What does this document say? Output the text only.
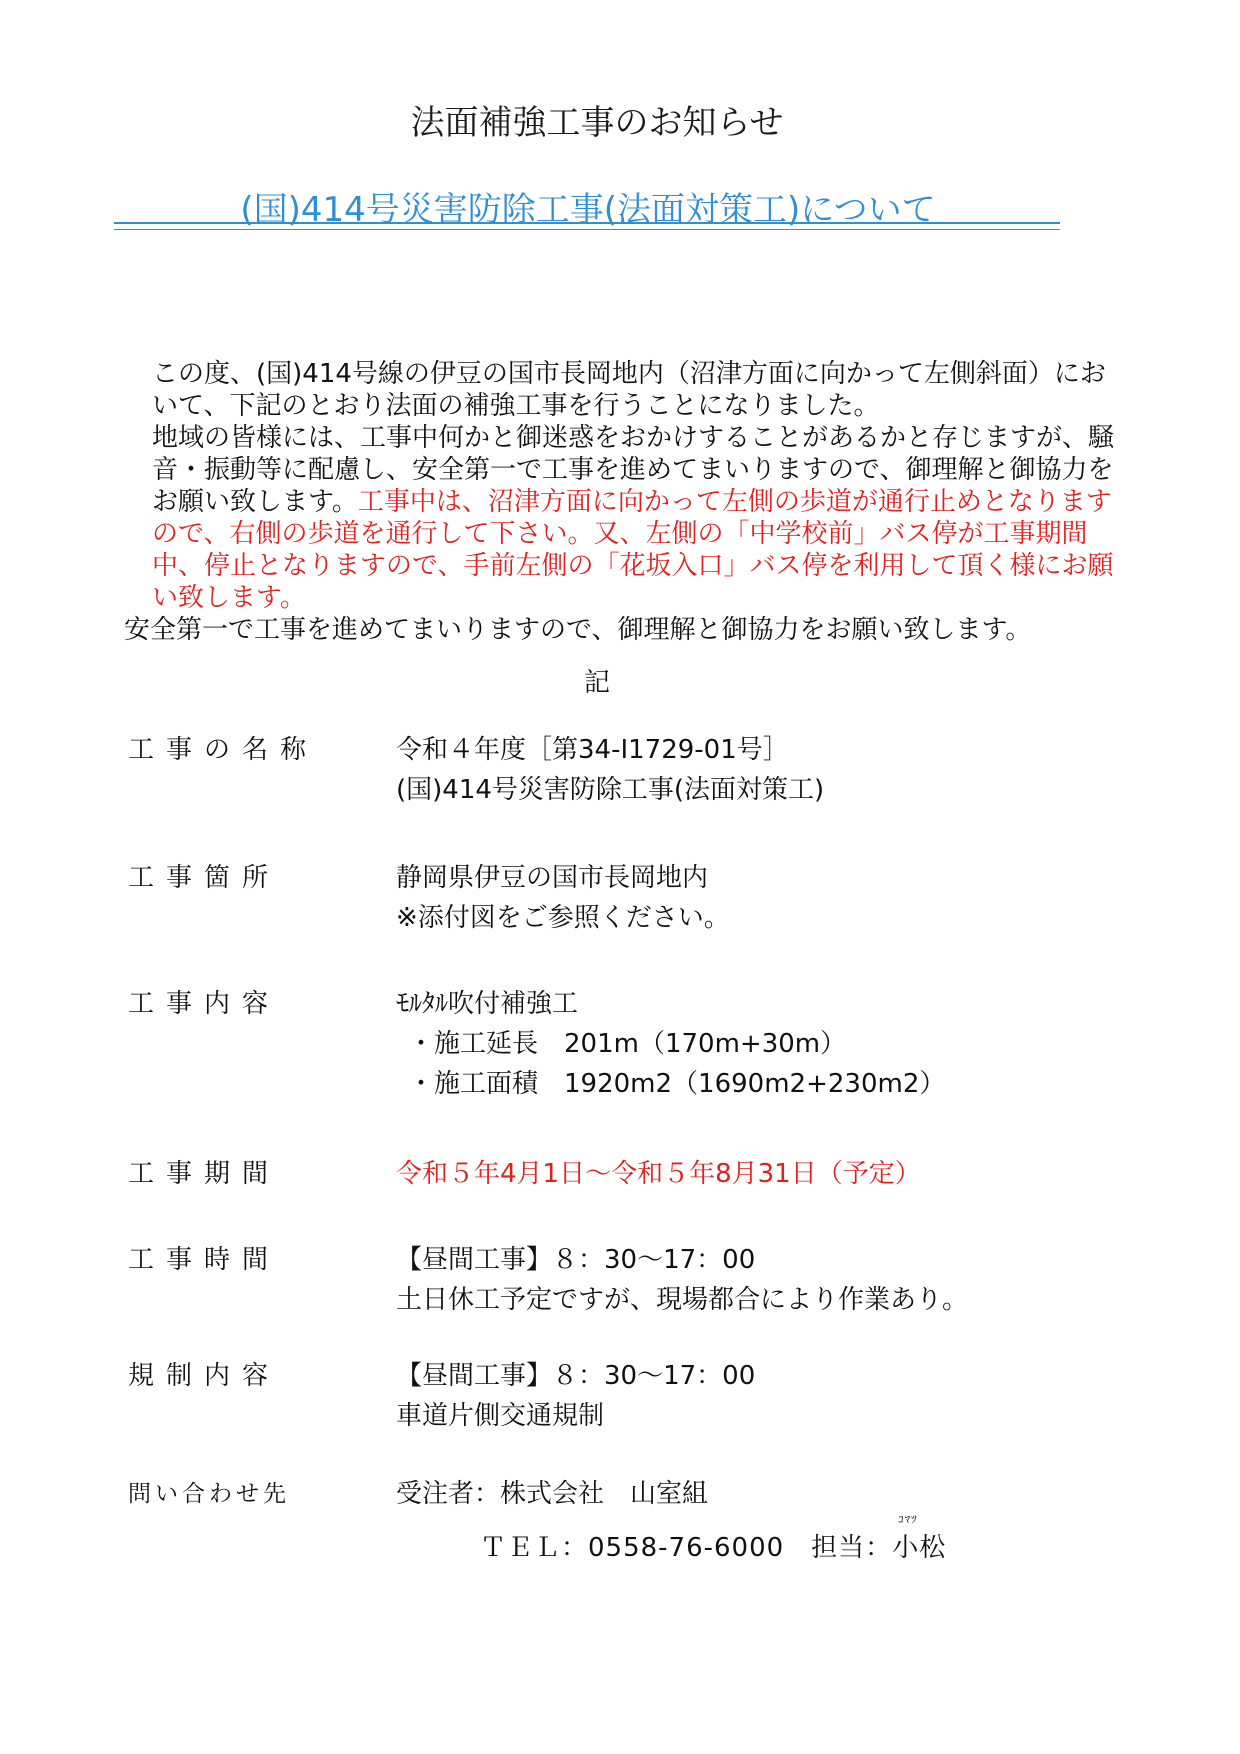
法面補強工事のお知らせ
(国)414号災害防除工事(法面対策工)について

この度、(国)414号線の伊豆の国市長岡地内（沼津方面に向かって左側斜面）において、下記のとおり法面の補強工事を行うことになりました。

地域の皆様には、工事中何かと御迷惑をおかけすることがあるかと存じますが、騒音・振動等に配慮し、安全第一で工事を進めてまいりますので、御理解と御協力をお願い致します。工事中は、沼津方面に向かって左側の歩道が通行止めとなりますので、右側の歩道を通行して下さい。又、左側の「中学校前」バス停が工事期間中、停止となりますので、手前左側の「花坂入口」バス停を利用して頂く様にお願い致します。

安全第一で工事を進めてまいりますので、御理解と御協力をお願い致します。

記
工事の名称	令和４年度［第34-I1729-01号］
(国)414号災害防除工事(法面対策工)
工事箇所	静岡県伊豆の国市長岡地内
※添付図をご参照ください。
工事内容	ﾓﾙﾀﾙ吹付補強工
・施工延長　201m（170m+30m）
・施工面積　1920m2（1690m2+230m2）
工事期間	令和５年4月1日～令和５年8月31日（予定）
工事時間	【昼間工事】８：30～17：00
土日休工予定ですが、現場都合により作業あり。
規制内容	【昼間工事】８：30～17：00
車道片側交通規制
問い合わせ先	受注者：株式会社　山室組
ＴＥＬ：0558-76-6000　担当：
ｺﾏﾂ
小松
